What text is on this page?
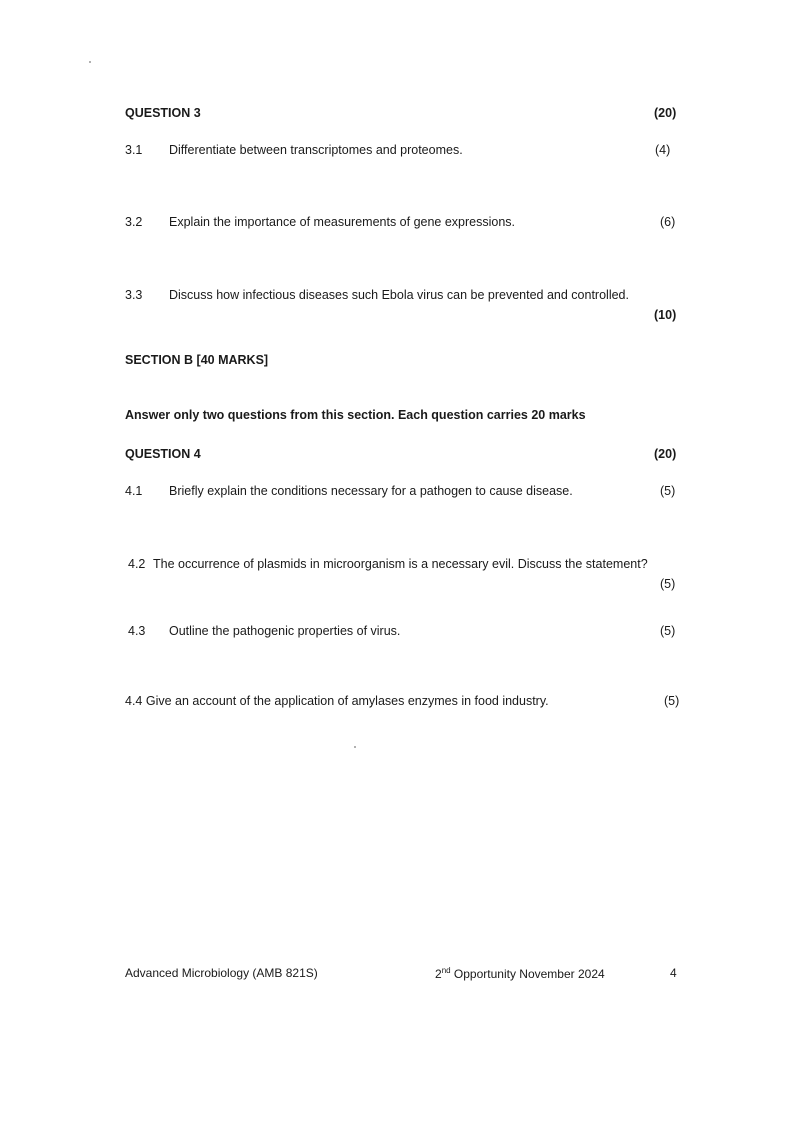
QUESTION 3	(20)
3.1 Differentiate between transcriptomes and proteomes.	(4)
3.2 Explain the importance of measurements of gene expressions.	(6)
3.3 Discuss how infectious diseases such Ebola virus can be prevented and controlled.
(10)
SECTION B [40 MARKS]
Answer only two questions from this section. Each question carries 20 marks
QUESTION 4	(20)
4.1 Briefly explain the conditions necessary for a pathogen to cause disease.	(5)
4.2 The occurrence of plasmids in microorganism is a necessary evil. Discuss the statement?
(5)
4.3 Outline the pathogenic properties of virus.	(5)
4.4 Give an account of the application of amylases enzymes in food industry.	(5)
Advanced Microbiology (AMB 821S)	2nd Opportunity November 2024	4
